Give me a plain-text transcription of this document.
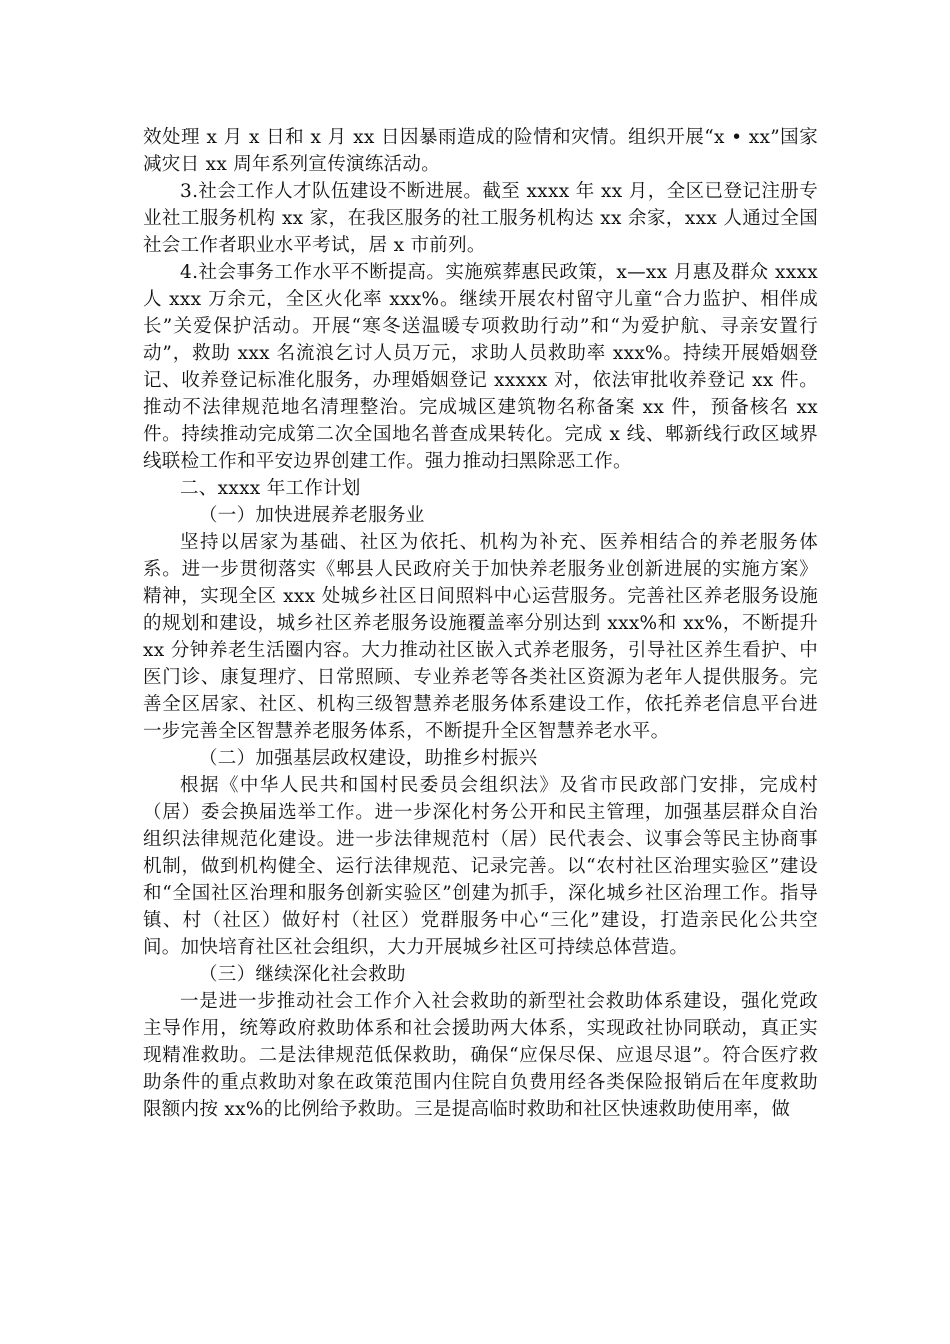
效处理 x 月 x 日和 x 月 xx 日因暴雨造成的险情和灾情。组织开展“x • xx”国家减灾日 xx 周年系列宣传演练活动。

3.社会工作人才队伍建设不断进展。截至 xxxx 年 xx 月，全区已登记注册专业社工服务机构 xx 家，在我区服务的社工服务机构达 xx 余家，xxx 人通过全国社会工作者职业水平考试，居 x 市前列。

4.社会事务工作水平不断提高。实施殡葬惠民政策，x—xx 月惠及群众 xxxx 人 xxx 万余元，全区火化率 xxx%。继续开展农村留守儿童“合力监护、相伴成长”关爱保护活动。开展“寒冬送温暖专项救助行动”和“为爱护航、寻亲安置行动”，救助 xxx 名流浪乞讨人员万元，求助人员救助率 xxx%。持续开展婚姻登记、收养登记标准化服务，办理婚姻登记 xxxxx 对，依法审批收养登记 xx 件。推动不法律规范地名清理整治。完成城区建筑物名称备案 xx 件，预备核名 xx 件。持续推动完成第二次全国地名普查成果转化。完成 x 线、郫新线行政区域界线联检工作和平安边界创建工作。强力推动扫黑除恶工作。

二、xxxx 年工作计划

（一）加快进展养老服务业

坚持以居家为基础、社区为依托、机构为补充、医养相结合的养老服务体系。进一步贯彻落实《郫县人民政府关于加快养老服务业创新进展的实施方案》精神，实现全区 xxx 处城乡社区日间照料中心运营服务。完善社区养老服务设施的规划和建设，城乡社区养老服务设施覆盖率分别达到 xxx%和 xx%，不断提升 xx 分钟养老生活圈内容。大力推动社区嵌入式养老服务，引导社区养生看护、中医门诊、康复理疗、日常照顾、专业养老等各类社区资源为老年人提供服务。完善全区居家、社区、机构三级智慧养老服务体系建设工作，依托养老信息平台进一步完善全区智慧养老服务体系，不断提升全区智慧养老水平。

（二）加强基层政权建设，助推乡村振兴

根据《中华人民共和国村民委员会组织法》及省市民政部门安排，完成村（居）委会换届选举工作。进一步深化村务公开和民主管理，加强基层群众自治组织法律规范化建设。进一步法律规范村（居）民代表会、议事会等民主协商事机制，做到机构健全、运行法律规范、记录完善。以“农村社区治理实验区”建设和“全国社区治理和服务创新实验区”创建为抓手，深化城乡社区治理工作。指导镇、村（社区）做好村（社区）党群服务中心“三化”建设，打造亲民化公共空间。加快培育社区社会组织，大力开展城乡社区可持续总体营造。

（三）继续深化社会救助

一是进一步推动社会工作介入社会救助的新型社会救助体系建设，强化党政主导作用，统筹政府救助体系和社会援助两大体系，实现政社协同联动，真正实现精准救助。二是法律规范低保救助，确保“应保尽保、应退尽退”。符合医疗救助条件的重点救助对象在政策范围内住院自负费用经各类保险报销后在年度救助限额内按 xx%的比例给予救助。三是提高临时救助和社区快速救助使用率，做
